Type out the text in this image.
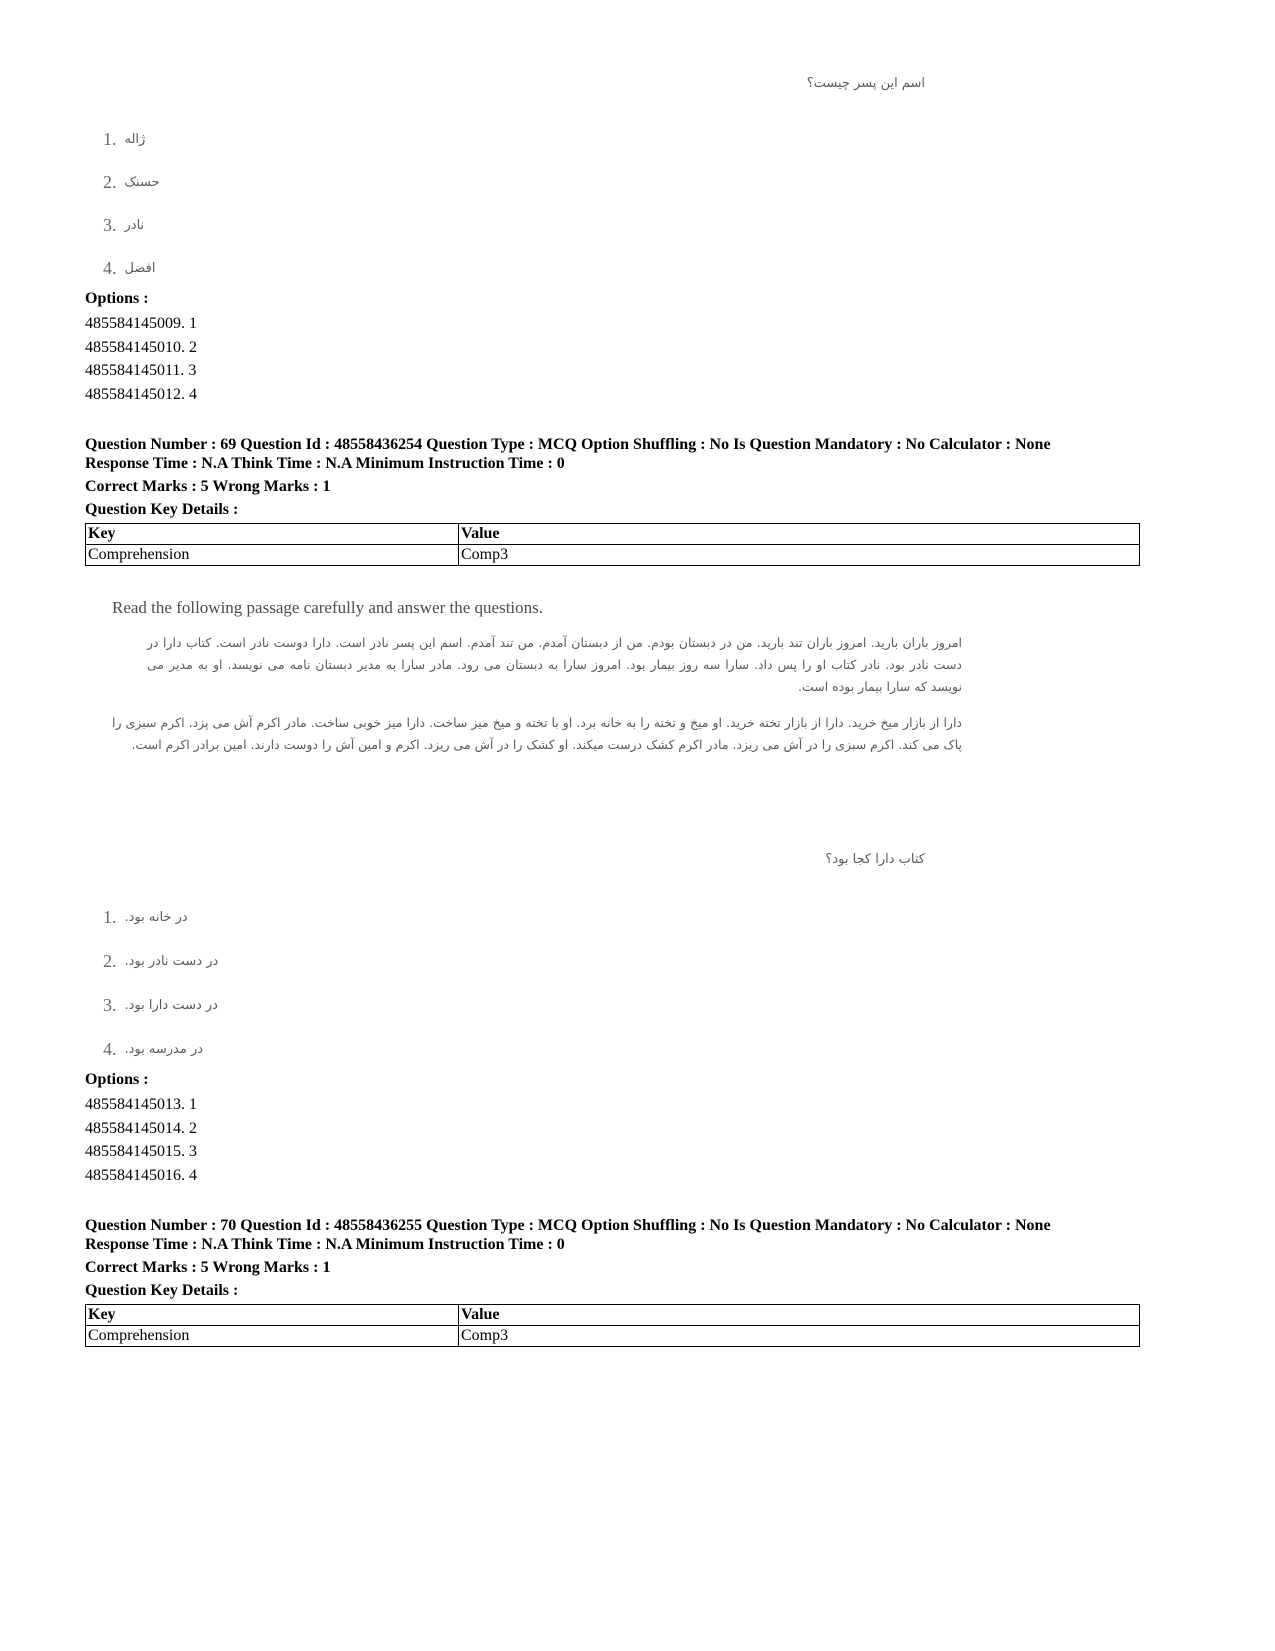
اسم این پسر چیست؟
1. ژاله
2. حسنک
3. نادر
4. افضل
Options :
485584145009. 1
485584145010. 2
485584145011. 3
485584145012. 4
Question Number : 69 Question Id : 48558436254 Question Type : MCQ Option Shuffling : No Is Question Mandatory : No Calculator : None
Response Time : N.A Think Time : N.A Minimum Instruction Time : 0
Correct Marks : 5 Wrong Marks : 1
Question Key Details :
Key	Value
Comprehension	Comp3
Read the following passage carefully and answer the questions.
امروز باران بارید. امروز باران تند بارید. من در دبستان بودم. من از دبستان آمدم. من تند آمدم. اسم این پسر نادر است. دارا دوست نادر است. کتاب دارا در دست نادر بود. نادر کتاب او را پس داد. سارا سه روز بیمار بود. امروز سارا به دبستان می رود. مادر سارا به مدیر دبستان نامه می نویسد. او به مدیر می نویسد که سارا بیمار بوده است.
دارا از بازار میخ خرید. دارا از بازار تخته خرید. او میخ و تخته را به خانه برد. او با تخته و میخ میز ساخت. دارا میز خوبی ساخت. مادر اکرم آش می پزد. اکرم سبزی را پاک می کند. اکرم سبزی را در آش می ریزد. مادر اکرم کشک درست میکند. او کشک را در آش می ریزد. اکرم و امین آش را دوست دارند. امین برادر اکرم است.
کتاب دارا کجا بود؟
1. در خانه بود.
2. در دست نادر بود.
3. در دست دارا بود.
4. در مدرسه بود.
Options :
485584145013. 1
485584145014. 2
485584145015. 3
485584145016. 4
Question Number : 70 Question Id : 48558436255 Question Type : MCQ Option Shuffling : No Is Question Mandatory : No Calculator : None
Response Time : N.A Think Time : N.A Minimum Instruction Time : 0
Correct Marks : 5 Wrong Marks : 1
Question Key Details :
Key	Value
Comprehension	Comp3
